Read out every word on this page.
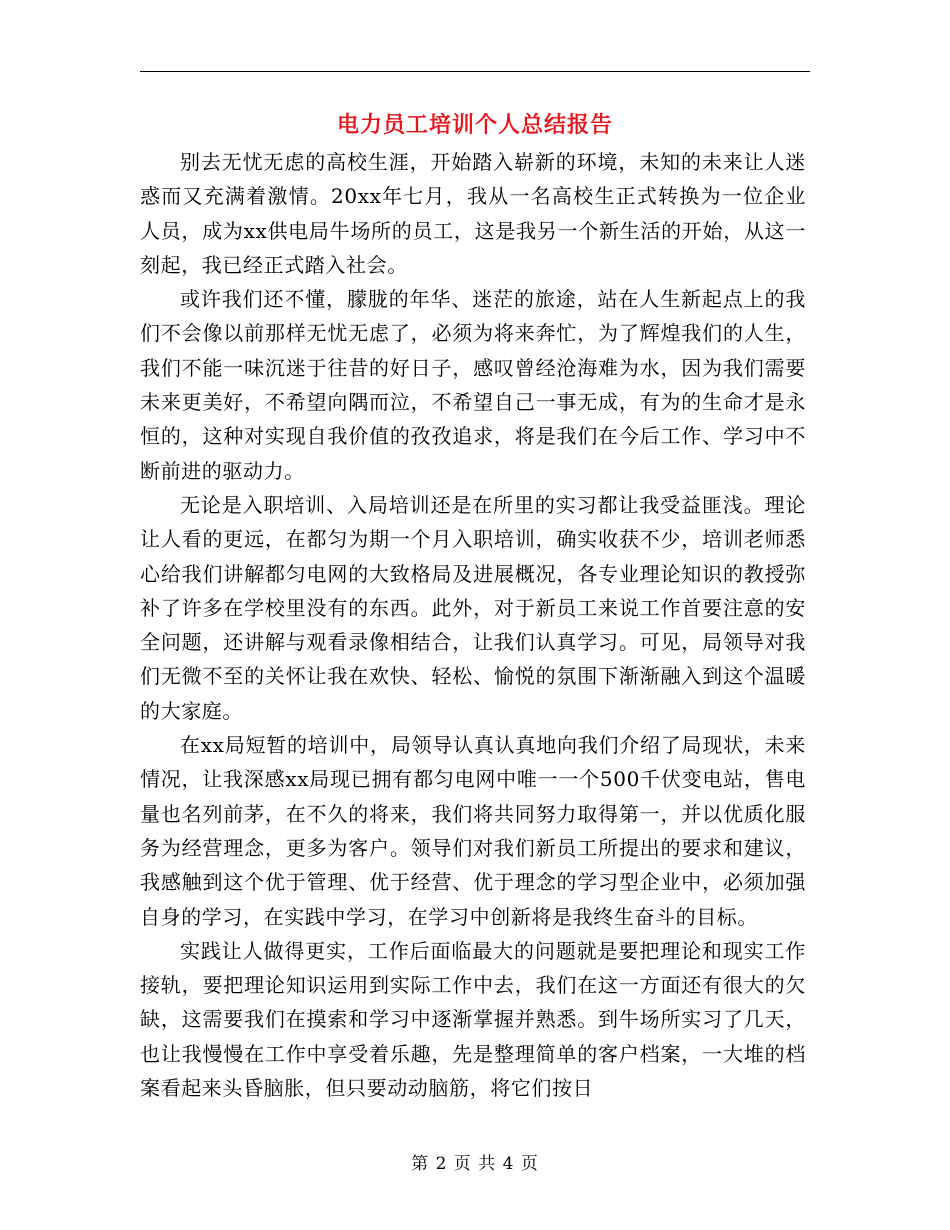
电力员工培训个人总结报告

别去无忧无虑的高校生涯，开始踏入崭新的环境，未知的未来让人迷惑而又充满着激情。20xx年七月，我从一名高校生正式转换为一位企业人员，成为xx供电局牛场所的员工，这是我另一个新生活的开始，从这一刻起，我已经正式踏入社会。

或许我们还不懂，朦胧的年华、迷茫的旅途，站在人生新起点上的我们不会像以前那样无忧无虑了，必须为将来奔忙，为了辉煌我们的人生，我们不能一味沉迷于往昔的好日子，感叹曾经沧海难为水，因为我们需要未来更美好，不希望向隅而泣，不希望自己一事无成，有为的生命才是永恒的，这种对实现自我价值的孜孜追求，将是我们在今后工作、学习中不断前进的驱动力。

无论是入职培训、入局培训还是在所里的实习都让我受益匪浅。理论让人看的更远，在都匀为期一个月入职培训，确实收获不少，培训老师悉心给我们讲解都匀电网的大致格局及进展概况，各专业理论知识的教授弥补了许多在学校里没有的东西。此外，对于新员工来说工作首要注意的安全问题，还讲解与观看录像相结合，让我们认真学习。可见，局领导对我们无微不至的关怀让我在欢快、轻松、愉悦的氛围下渐渐融入到这个温暖的大家庭。

在xx局短暂的培训中，局领导认真认真地向我们介绍了局现状，未来情况，让我深感xx局现已拥有都匀电网中唯一一个500千伏变电站，售电量也名列前茅，在不久的将来，我们将共同努力取得第一，并以优质化服务为经营理念，更多为客户。领导们对我们新员工所提出的要求和建议，我感触到这个优于管理、优于经营、优于理念的学习型企业中，必须加强自身的学习，在实践中学习，在学习中创新将是我终生奋斗的目标。

实践让人做得更实，工作后面临最大的问题就是要把理论和现实工作接轨，要把理论知识运用到实际工作中去，我们在这一方面还有很大的欠缺，这需要我们在摸索和学习中逐渐掌握并熟悉。到牛场所实习了几天，也让我慢慢在工作中享受着乐趣，先是整理简单的客户档案，一大堆的档案看起来头昏脑胀，但只要动动脑筋，将它们按日

第 2 页 共 4 页
